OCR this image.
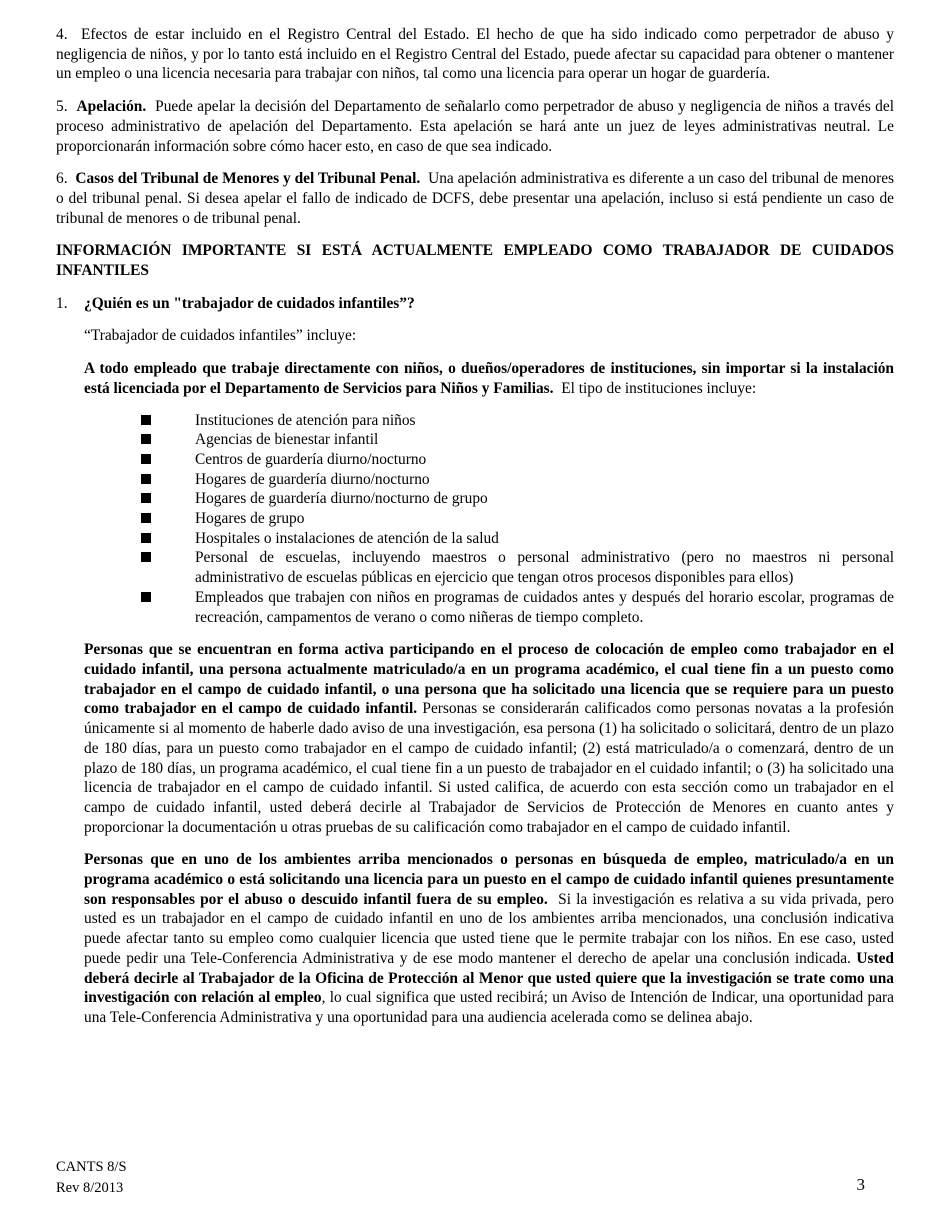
4. Efectos de estar incluido en el Registro Central del Estado. El hecho de que ha sido indicado como perpetrador de abuso y negligencia de niños, y por lo tanto está incluido en el Registro Central del Estado, puede afectar su capacidad para obtener o mantener un empleo o una licencia necesaria para trabajar con niños, tal como una licencia para operar un hogar de guardería.

5. Apelación. Puede apelar la decisión del Departamento de señalarlo como perpetrador de abuso y negligencia de niños a través del proceso administrativo de apelación del Departamento. Esta apelación se hará ante un juez de leyes administrativas neutral. Le proporcionarán información sobre cómo hacer esto, en caso de que sea indicado.

6. Casos del Tribunal de Menores y del Tribunal Penal. Una apelación administrativa es diferente a un caso del tribunal de menores o del tribunal penal. Si desea apelar el fallo de indicado de DCFS, debe presentar una apelación, incluso si está pendiente un caso de tribunal de menores o de tribunal penal.

INFORMACIÓN IMPORTANTE SI ESTÁ ACTUALMENTE EMPLEADO COMO TRABAJADOR DE CUIDADOS INFANTILES

1.	¿Quién es un "trabajador de cuidados infantiles”?

“Trabajador de cuidados infantiles” incluye:

A todo empleado que trabaje directamente con niños, o dueños/operadores de instituciones, sin importar si la instalación está licenciada por el Departamento de Servicios para Niños y Familias. El tipo de instituciones incluye:

Instituciones de atención para niños
Agencias de bienestar infantil
Centros de guardería diurno/nocturno
Hogares de guardería diurno/nocturno
Hogares de guardería diurno/nocturno de grupo
Hogares de grupo
Hospitales o instalaciones de atención de la salud
Personal de escuelas, incluyendo maestros o personal administrativo (pero no maestros ni personal administrativo de escuelas públicas en ejercicio que tengan otros procesos disponibles para ellos)
Empleados que trabajen con niños en programas de cuidados antes y después del horario escolar, programas de recreación, campamentos de verano o como niñeras de tiempo completo.

Personas que se encuentran en forma activa participando en el proceso de colocación de empleo como trabajador en el cuidado infantil, una persona actualmente matriculado/a en un programa académico, el cual tiene fin a un puesto como trabajador en el campo de cuidado infantil, o una persona que ha solicitado una licencia que se requiere para un puesto como trabajador en el campo de cuidado infantil. Personas se considerarán calificados como personas novatas a la profesión únicamente si al momento de haberle dado aviso de una investigación, esa persona (1) ha solicitado o solicitará, dentro de un plazo de 180 días, para un puesto como trabajador en el campo de cuidado infantil; (2) está matriculado/a o comenzará, dentro de un plazo de 180 días, un programa académico, el cual tiene fin a un puesto de trabajador en el cuidado infantil; o (3) ha solicitado una licencia de trabajador en el campo de cuidado infantil. Si usted califica, de acuerdo con esta sección como un trabajador en el campo de cuidado infantil, usted deberá decirle al Trabajador de Servicios de Protección de Menores en cuanto antes y proporcionar la documentación u otras pruebas de su calificación como trabajador en el campo de cuidado infantil.

Personas que en uno de los ambientes arriba mencionados o personas en búsqueda de empleo, matriculado/a en un programa académico o está solicitando una licencia para un puesto en el campo de cuidado infantil quienes presuntamente son responsables por el abuso o descuido infantil fuera de su empleo. Si la investigación es relativa a su vida privada, pero usted es un trabajador en el campo de cuidado infantil en uno de los ambientes arriba mencionados, una conclusión indicativa puede afectar tanto su empleo como cualquier licencia que usted tiene que le permite trabajar con los niños. En ese caso, usted puede pedir una Tele-Conferencia Administrativa y de ese modo mantener el derecho de apelar una conclusión indicada. Usted deberá decirle al Trabajador de la Oficina de Protección al Menor que usted quiere que la investigación se trate como una investigación con relación al empleo, lo cual significa que usted recibirá; un Aviso de Intención de Indicar, una oportunidad para una Tele-Conferencia Administrativa y una oportunidad para una audiencia acelerada como se delinea abajo.

CANTS 8/S
Rev 8/2013	3
